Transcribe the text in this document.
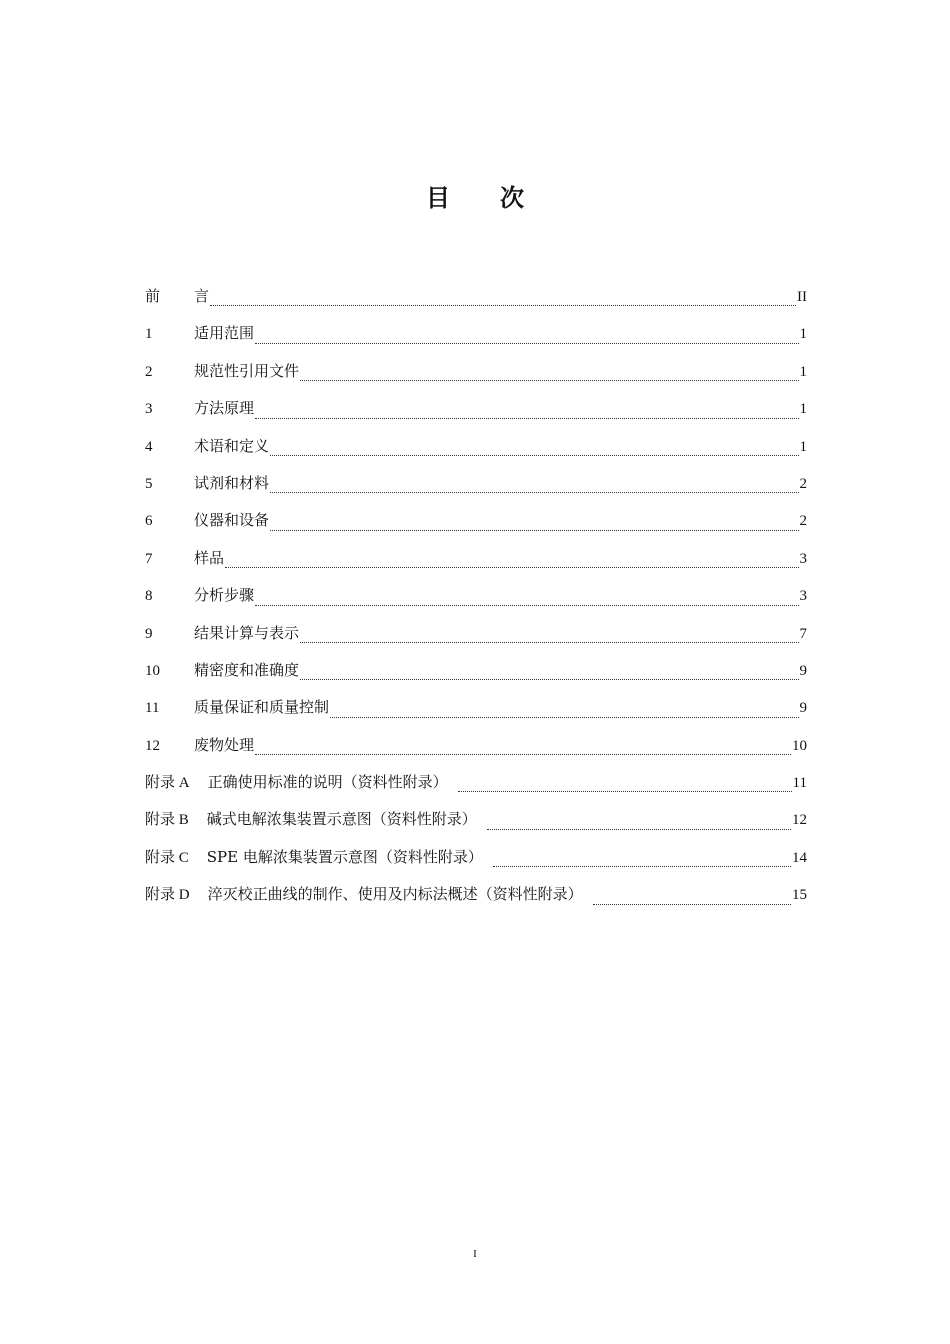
目 次
前	言	II
1	适用范围	1
2	规范性引用文件	1
3	方法原理	1
4	术语和定义	1
5	试剂和材料	2
6	仪器和设备	2
7	样品	3
8	分析步骤	3
9	结果计算与表示	7
10	精密度和准确度	9
11	质量保证和质量控制	9
12	废物处理	10
附录 A 正确使用标准的说明（资料性附录）	11
附录 B 碱式电解浓集装置示意图（资料性附录）	12
附录 C SPE 电解浓集装置示意图（资料性附录）	14
附录 D 淬灭校正曲线的制作、使用及内标法概述（资料性附录）	15
I
